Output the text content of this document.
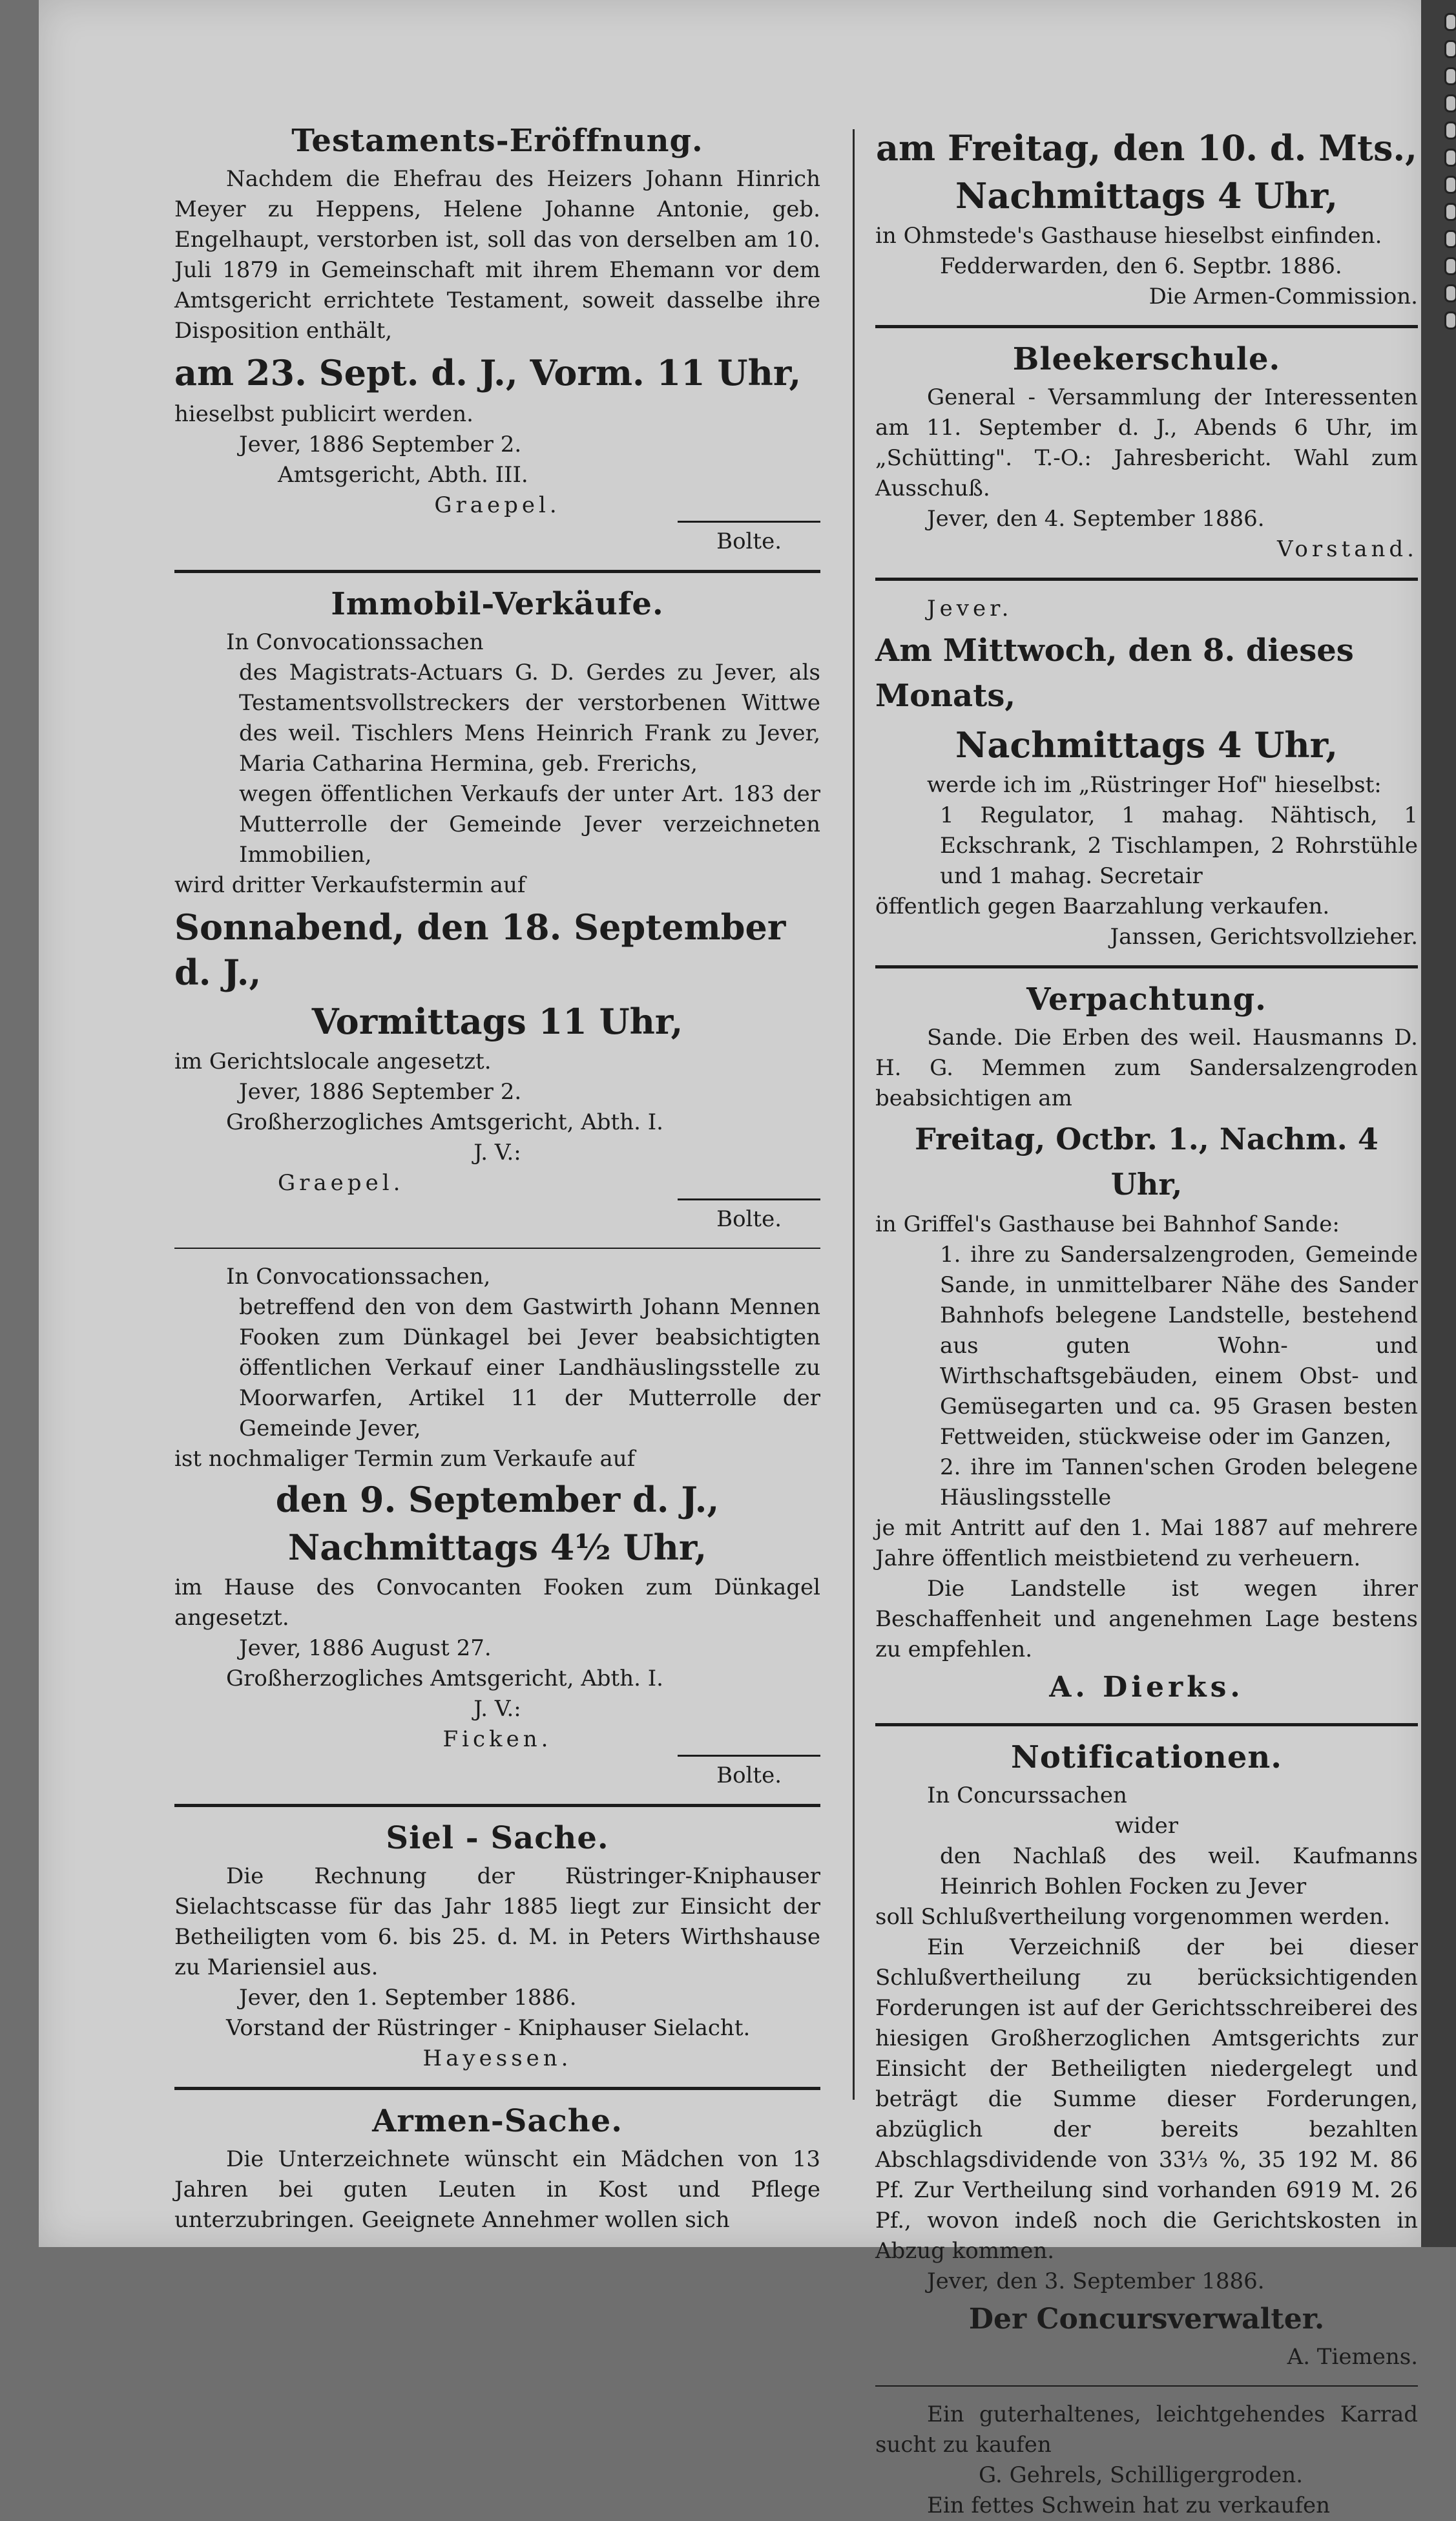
Testaments-Eröffnung.

Nachdem die Ehefrau des Heizers Johann Hinrich Meyer zu Heppens, Helene Johanne Antonie, geb. Engelhaupt, verstorben ist, soll das von derselben am 10. Juli 1879 in Gemeinschaft mit ihrem Ehemann vor dem Amtsgericht errichtete Testament, soweit dasselbe ihre Disposition enthält,

am 23. Sept. d. J., Vorm. 11 Uhr,

hieselbst publicirt werden.

Jever, 1886 September 2.

Amtsgericht, Abth. III.

Graepel.

Bolte.
Immobil-Verkäufe.

In Convocationssachen

des Magistrats-Actuars G. D. Gerdes zu Jever, als Testamentsvollstreckers der verstorbenen Wittwe des weil. Tischlers Mens Heinrich Frank zu Jever, Maria Catharina Hermina, geb. Frerichs,

wegen öffentlichen Verkaufs der unter Art. 183 der Mutterrolle der Gemeinde Jever verzeichneten Immobilien,

wird dritter Verkaufstermin auf

Sonnabend, den 18. September d. J.,
Vormittags 11 Uhr,

im Gerichtslocale angesetzt.

Jever, 1886 September 2.

Großherzogliches Amtsgericht, Abth. I.

J. V.:

Graepel.

Bolte.

In Convocationssachen,

betreffend den von dem Gastwirth Johann Mennen Fooken zum Dünkagel bei Jever beabsichtigten öffentlichen Verkauf einer Landhäuslingsstelle zu Moorwarfen, Artikel 11 der Mutterrolle der Gemeinde Jever,

ist nochmaliger Termin zum Verkaufe auf

den 9. September d. J.,
Nachmittags 4½ Uhr,

im Hause des Convocanten Fooken zum Dünkagel angesetzt.

Jever, 1886 August 27.

Großherzogliches Amtsgericht, Abth. I.

J. V.:

Ficken.

Bolte.
Siel - Sache.

Die Rechnung der Rüstringer-Kniphauser Sielachtscasse für das Jahr 1885 liegt zur Einsicht der Betheiligten vom 6. bis 25. d. M. in Peters Wirthshause zu Mariensiel aus.

Jever, den 1. September 1886.

Vorstand der Rüstringer - Kniphauser Sielacht.

Hayessen.

Armen-Sache.

Die Unterzeichnete wünscht ein Mädchen von 13 Jahren bei guten Leuten in Kost und Pflege unterzubringen. Geeignete Annehmer wollen sich

am Freitag, den 10. d. Mts.,
Nachmittags 4 Uhr,

in Ohmstede's Gasthause hieselbst einfinden.

Fedderwarden, den 6. Septbr. 1886.

Die Armen-Commission.

Bleekerschule.

General - Versammlung der Interessenten am 11. September d. J., Abends 6 Uhr, im „Schütting". T.-O.: Jahresbericht. Wahl zum Ausschuß.

Jever, den 4. September 1886.

Vorstand.

Jever.

Am Mittwoch, den 8. dieses Monats,
Nachmittags 4 Uhr,

werde ich im „Rüstringer Hof" hieselbst:

1 Regulator, 1 mahag. Nähtisch, 1 Eckschrank, 2 Tischlampen, 2 Rohrstühle und 1 mahag. Secretair

öffentlich gegen Baarzahlung verkaufen.

Janssen, Gerichtsvollzieher.

Verpachtung.

Sande. Die Erben des weil. Hausmanns D. H. G. Memmen zum Sandersalzengroden beabsichtigen am

Freitag, Octbr. 1., Nachm. 4 Uhr,

in Griffel's Gasthause bei Bahnhof Sande:

1. ihre zu Sandersalzengroden, Gemeinde Sande, in unmittelbarer Nähe des Sander Bahnhofs belegene Landstelle, bestehend aus guten Wohn- und Wirthschaftsgebäuden, einem Obst- und Gemüsegarten und ca. 95 Grasen besten Fettweiden, stückweise oder im Ganzen,

2. ihre im Tannen'schen Groden belegene Häuslingsstelle

je mit Antritt auf den 1. Mai 1887 auf mehrere Jahre öffentlich meistbietend zu verheuern.

Die Landstelle ist wegen ihrer Beschaffenheit und angenehmen Lage bestens zu empfehlen.

A. Dierks.

Notificationen.

In Concurssachen

wider

den Nachlaß des weil. Kaufmanns Heinrich Bohlen Focken zu Jever

soll Schlußvertheilung vorgenommen werden.

Ein Verzeichniß der bei dieser Schlußvertheilung zu berücksichtigenden Forderungen ist auf der Gerichtsschreiberei des hiesigen Großherzoglichen Amtsgerichts zur Einsicht der Betheiligten niedergelegt und beträgt die Summe dieser Forderungen, abzüglich der bereits bezahlten Abschlagsdividende von 33⅓ %, 35 192 M. 86 Pf. Zur Vertheilung sind vorhanden 6919 M. 26 Pf., wovon indeß noch die Gerichtskosten in Abzug kommen.

Jever, den 3. September 1886.

Der Concursverwalter.

A. Tiemens.

Ein guterhaltenes, leichtgehendes Karrad sucht zu kaufen

G. Gehrels, Schilligergroden.

Ein fettes Schwein hat zu verkaufen
